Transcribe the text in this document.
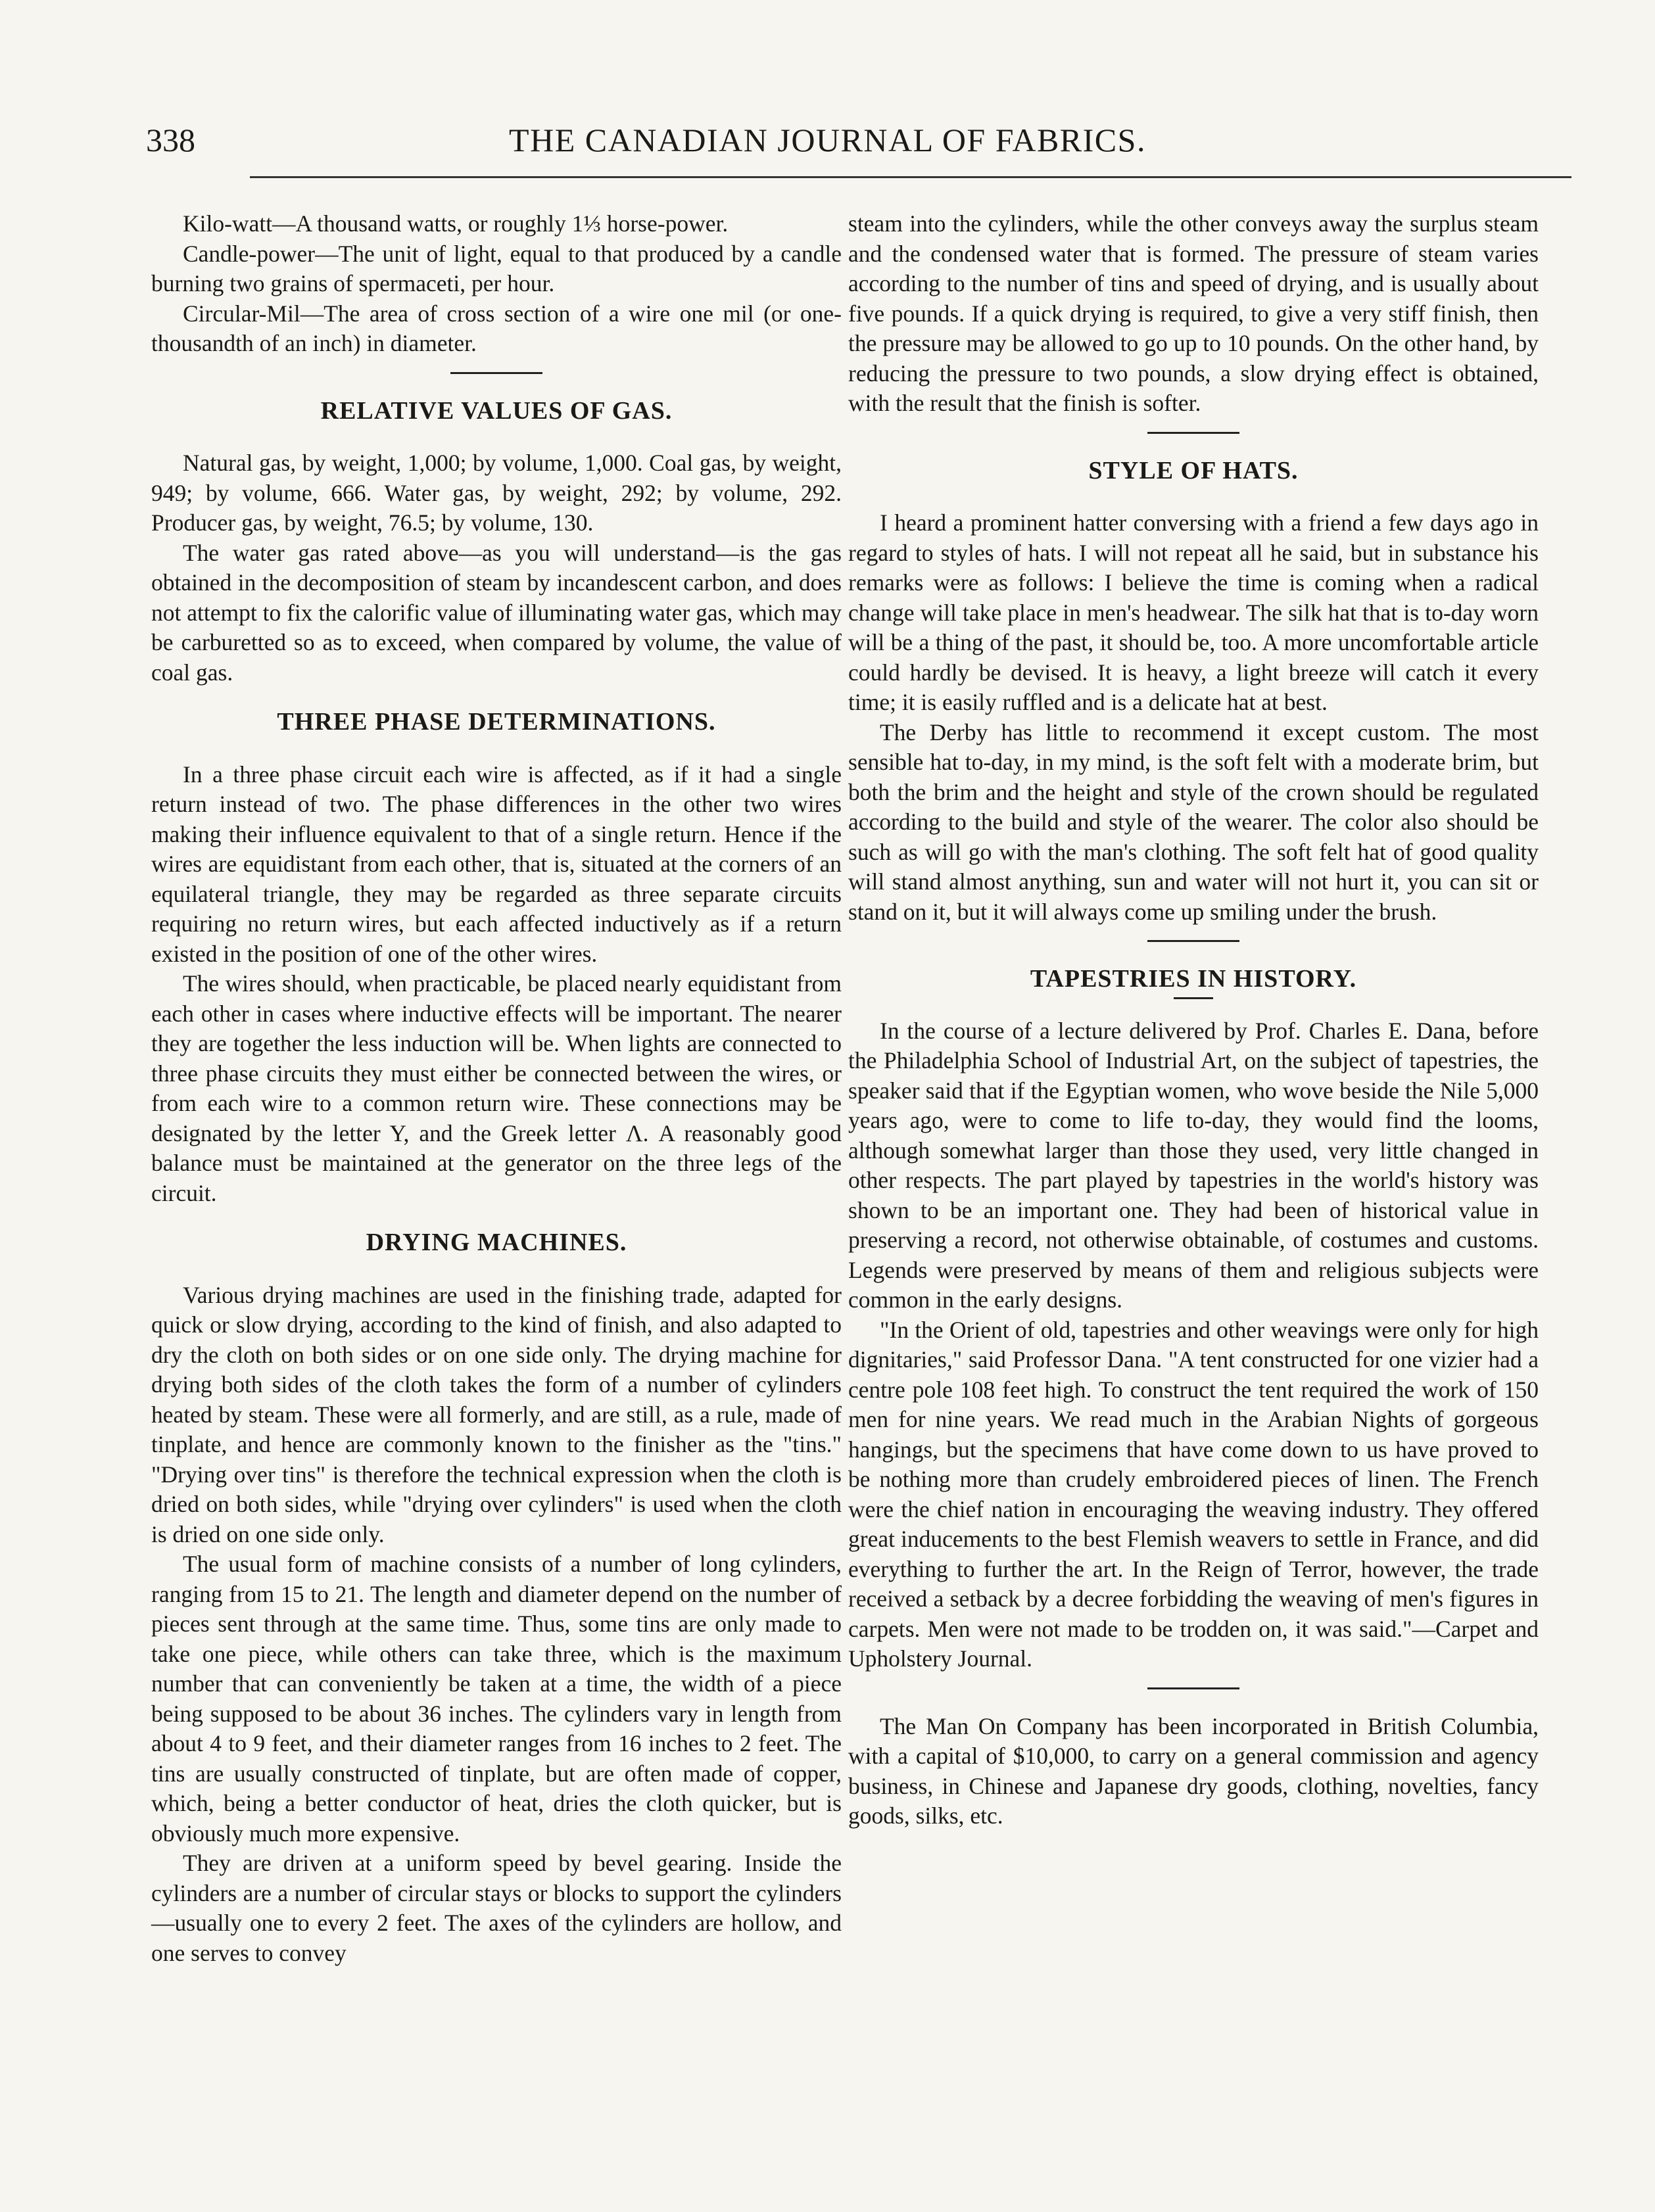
338	THE CANADIAN JOURNAL OF FABRICS.

Kilo-watt—A thousand watts, or roughly 1⅓ horse-power.

Candle-power—The unit of light, equal to that produced by a candle burning two grains of spermaceti, per hour.

Circular-Mil—The area of cross section of a wire one mil (or one-thousandth of an inch) in diameter.

RELATIVE VALUES OF GAS.

Natural gas, by weight, 1,000; by volume, 1,000. Coal gas, by weight, 949; by volume, 666. Water gas, by weight, 292; by volume, 292. Producer gas, by weight, 76.5; by volume, 130.

The water gas rated above—as you will understand—is the gas obtained in the decomposition of steam by incandescent carbon, and does not attempt to fix the calorific value of illuminating water gas, which may be carburetted so as to exceed, when compared by volume, the value of coal gas.

THREE PHASE DETERMINATIONS.

In a three phase circuit each wire is affected, as if it had a single return instead of two. The phase differences in the other two wires making their influence equivalent to that of a single return. Hence if the wires are equidistant from each other, that is, situated at the corners of an equilateral triangle, they may be regarded as three separate circuits requiring no return wires, but each affected inductively as if a return existed in the position of one of the other wires.

The wires should, when practicable, be placed nearly equidistant from each other in cases where inductive effects will be important. The nearer they are together the less induction will be. When lights are connected to three phase circuits they must either be connected between the wires, or from each wire to a common return wire. These connections may be designated by the letter Y, and the Greek letter Λ. A reasonably good balance must be maintained at the generator on the three legs of the circuit.

DRYING MACHINES.

Various drying machines are used in the finishing trade, adapted for quick or slow drying, according to the kind of finish, and also adapted to dry the cloth on both sides or on one side only. The drying machine for drying both sides of the cloth takes the form of a number of cylinders heated by steam. These were all formerly, and are still, as a rule, made of tinplate, and hence are commonly known to the finisher as the "tins." "Drying over tins" is therefore the technical expression when the cloth is dried on both sides, while "drying over cylinders" is used when the cloth is dried on one side only.

The usual form of machine consists of a number of long cylinders, ranging from 15 to 21. The length and diameter depend on the number of pieces sent through at the same time. Thus, some tins are only made to take one piece, while others can take three, which is the maximum number that can conveniently be taken at a time, the width of a piece being supposed to be about 36 inches. The cylinders vary in length from about 4 to 9 feet, and their diameter ranges from 16 inches to 2 feet. The tins are usually constructed of tinplate, but are often made of copper, which, being a better conductor of heat, dries the cloth quicker, but is obviously much more expensive.

They are driven at a uniform speed by bevel gearing. Inside the cylinders are a number of circular stays or blocks to support the cylinders—usually one to every 2 feet. The axes of the cylinders are hollow, and one serves to convey

steam into the cylinders, while the other conveys away the surplus steam and the condensed water that is formed. The pressure of steam varies according to the number of tins and speed of drying, and is usually about five pounds. If a quick drying is required, to give a very stiff finish, then the pressure may be allowed to go up to 10 pounds. On the other hand, by reducing the pressure to two pounds, a slow drying effect is obtained, with the result that the finish is softer.

STYLE OF HATS.

I heard a prominent hatter conversing with a friend a few days ago in regard to styles of hats. I will not repeat all he said, but in substance his remarks were as follows: I believe the time is coming when a radical change will take place in men's headwear. The silk hat that is to-day worn will be a thing of the past, it should be, too. A more uncomfortable article could hardly be devised. It is heavy, a light breeze will catch it every time; it is easily ruffled and is a delicate hat at best.

The Derby has little to recommend it except custom. The most sensible hat to-day, in my mind, is the soft felt with a moderate brim, but both the brim and the height and style of the crown should be regulated according to the build and style of the wearer. The color also should be such as will go with the man's clothing. The soft felt hat of good quality will stand almost anything, sun and water will not hurt it, you can sit or stand on it, but it will always come up smiling under the brush.

TAPESTRIES IN HISTORY.

In the course of a lecture delivered by Prof. Charles E. Dana, before the Philadelphia School of Industrial Art, on the subject of tapestries, the speaker said that if the Egyptian women, who wove beside the Nile 5,000 years ago, were to come to life to-day, they would find the looms, although somewhat larger than those they used, very little changed in other respects. The part played by tapestries in the world's history was shown to be an important one. They had been of historical value in preserving a record, not otherwise obtainable, of costumes and customs. Legends were preserved by means of them and religious subjects were common in the early designs.

"In the Orient of old, tapestries and other weavings were only for high dignitaries," said Professor Dana. "A tent constructed for one vizier had a centre pole 108 feet high. To construct the tent required the work of 150 men for nine years. We read much in the Arabian Nights of gorgeous hangings, but the specimens that have come down to us have proved to be nothing more than crudely embroidered pieces of linen. The French were the chief nation in encouraging the weaving industry. They offered great inducements to the best Flemish weavers to settle in France, and did everything to further the art. In the Reign of Terror, however, the trade received a setback by a decree forbidding the weaving of men's figures in carpets. Men were not made to be trodden on, it was said."—Carpet and Upholstery Journal.

The Man On Company has been incorporated in British Columbia, with a capital of $10,000, to carry on a general commission and agency business, in Chinese and Japanese dry goods, clothing, novelties, fancy goods, silks, etc.
